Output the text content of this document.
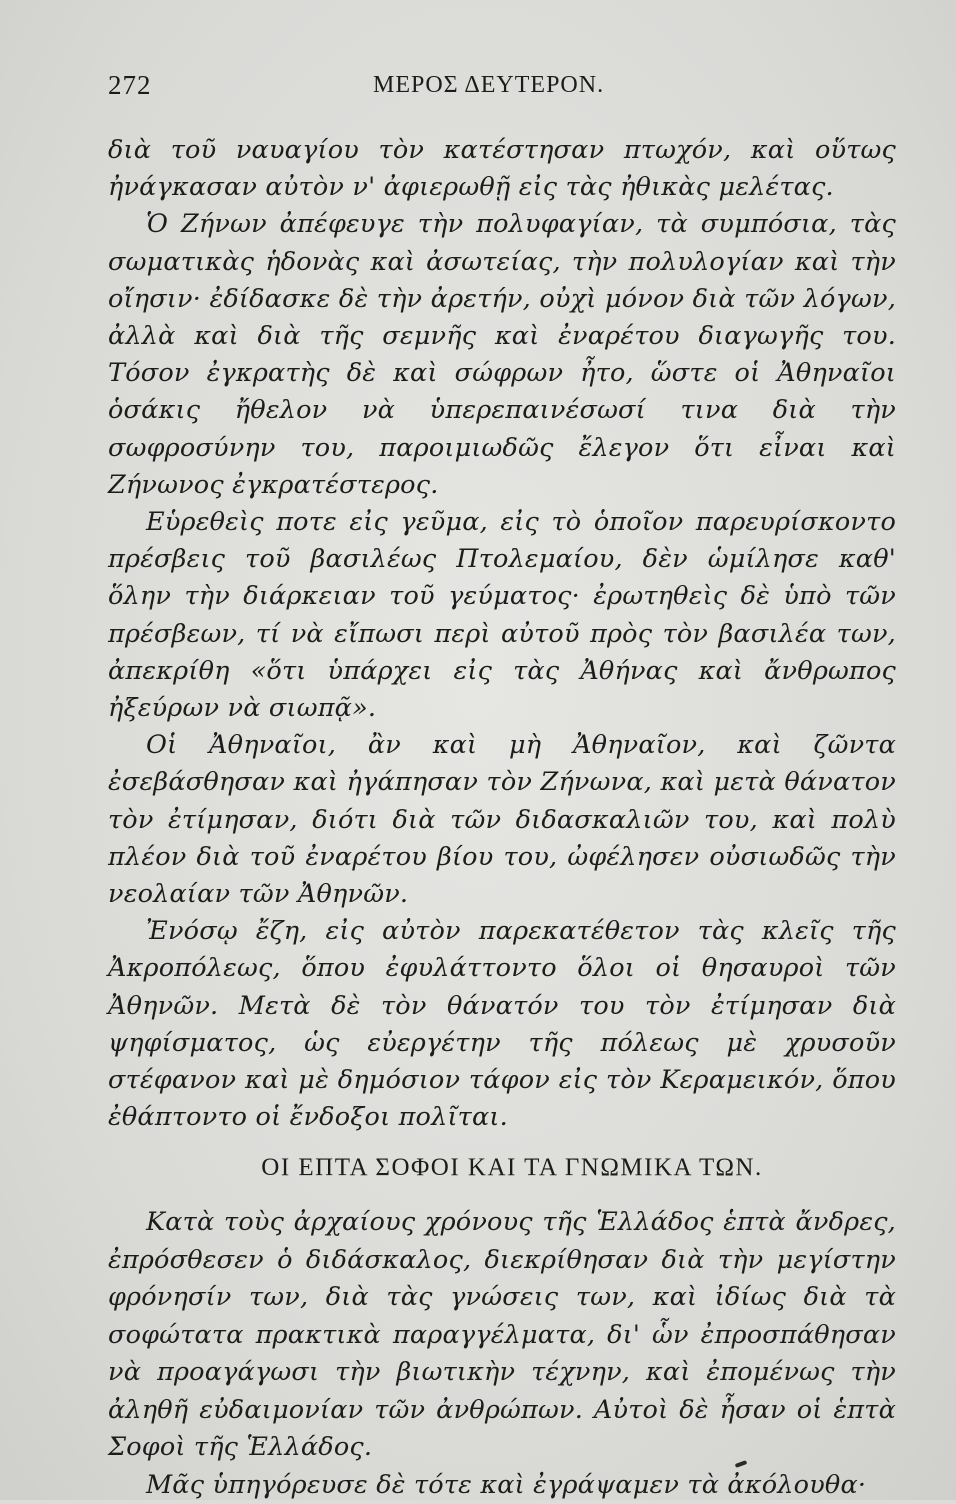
272	ΜΕΡΟΣ ΔΕΥΤΕΡΟΝ.

διὰ τοῦ ναυαγίου τὸν κατέστησαν πτωχόν, καὶ οὕτως ἠνάγκασαν αὐτὸν ν' ἀφιερωθῇ εἰς τὰς ἠθικὰς μελέτας.

Ὁ Ζήνων ἀπέφευγε τὴν πολυφαγίαν, τὰ συμπόσια, τὰς σωματικὰς ἡδονὰς καὶ ἀσωτείας, τὴν πολυλογίαν καὶ τὴν οἴησιν· ἐδίδασκε δὲ τὴν ἀρετήν, οὐχὶ μόνον διὰ τῶν λόγων, ἀλλὰ καὶ διὰ τῆς σεμνῆς καὶ ἐναρέτου διαγωγῆς του. Τόσον ἐγκρατὴς δὲ καὶ σώφρων ἦτο, ὥστε οἱ Ἀθηναῖοι ὁσάκις ἤθελον νὰ ὑπερεπαινέσωσί τινα διὰ τὴν σωφροσύνην του, παροιμιωδῶς ἔλεγον ὅτι εἶναι καὶ Ζήνωνος ἐγκρατέστερος.

Εὑρεθεὶς ποτε εἰς γεῦμα, εἰς τὸ ὁποῖον παρευρίσκοντο πρέσβεις τοῦ βασιλέως Πτολεμαίου, δὲν ὡμίλησε καθ' ὅλην τὴν διάρκειαν τοῦ γεύματος· ἐρωτηθεὶς δὲ ὑπὸ τῶν πρέσβεων, τί νὰ εἴπωσι περὶ αὐτοῦ πρὸς τὸν βασιλέα των, ἀπεκρίθη «ὅτι ὑπάρχει εἰς τὰς Ἀθήνας καὶ ἄνθρωπος ἠξεύρων νὰ σιωπᾷ».

Οἱ Ἀθηναῖοι, ἂν καὶ μὴ Ἀθηναῖον, καὶ ζῶντα ἐσεβάσθησαν καὶ ἠγάπησαν τὸν Ζήνωνα, καὶ μετὰ θάνατον τὸν ἐτίμησαν, διότι διὰ τῶν διδασκαλιῶν του, καὶ πολὺ πλέον διὰ τοῦ ἐναρέτου βίου του, ὠφέλησεν οὐσιωδῶς τὴν νεολαίαν τῶν Ἀθηνῶν.

Ἐνόσῳ ἔζη, εἰς αὐτὸν παρεκατέθετον τὰς κλεῖς τῆς Ἀκροπόλεως, ὅπου ἐφυλάττοντο ὅλοι οἱ θησαυροὶ τῶν Ἀθηνῶν. Μετὰ δὲ τὸν θάνατόν του τὸν ἐτίμησαν διὰ ψηφίσματος, ὡς εὐεργέτην τῆς πόλεως μὲ χρυσοῦν στέφανον καὶ μὲ δημόσιον τάφον εἰς τὸν Κεραμεικόν, ὅπου ἐθάπτοντο οἱ ἔνδοξοι πολῖται.

ΟΙ ΕΠΤΑ ΣΟΦΟΙ ΚΑΙ ΤΑ ΓΝΩΜΙΚΑ ΤΩΝ.

Κατὰ τοὺς ἀρχαίους χρόνους τῆς Ἑλλάδος ἑπτὰ ἄνδρες, ἐπρόσθεσεν ὁ διδάσκαλος, διεκρίθησαν διὰ τὴν μεγίστην φρόνησίν των, διὰ τὰς γνώσεις των, καὶ ἰδίως διὰ τὰ σοφώτατα πρακτικὰ παραγγέλματα, δι' ὧν ἐπροσπάθησαν νὰ προαγάγωσι τὴν βιωτικὴν τέχνην, καὶ ἐπομένως τὴν ἀληθῆ εὐδαιμονίαν τῶν ἀνθρώπων. Αὐτοὶ δὲ ἦσαν οἱ ἑπτὰ Σοφοὶ τῆς Ἑλλάδος.

Μᾶς ὑπηγόρευσε δὲ τότε καὶ ἐγράψαμεν τὰ ἀκόλουθα·
